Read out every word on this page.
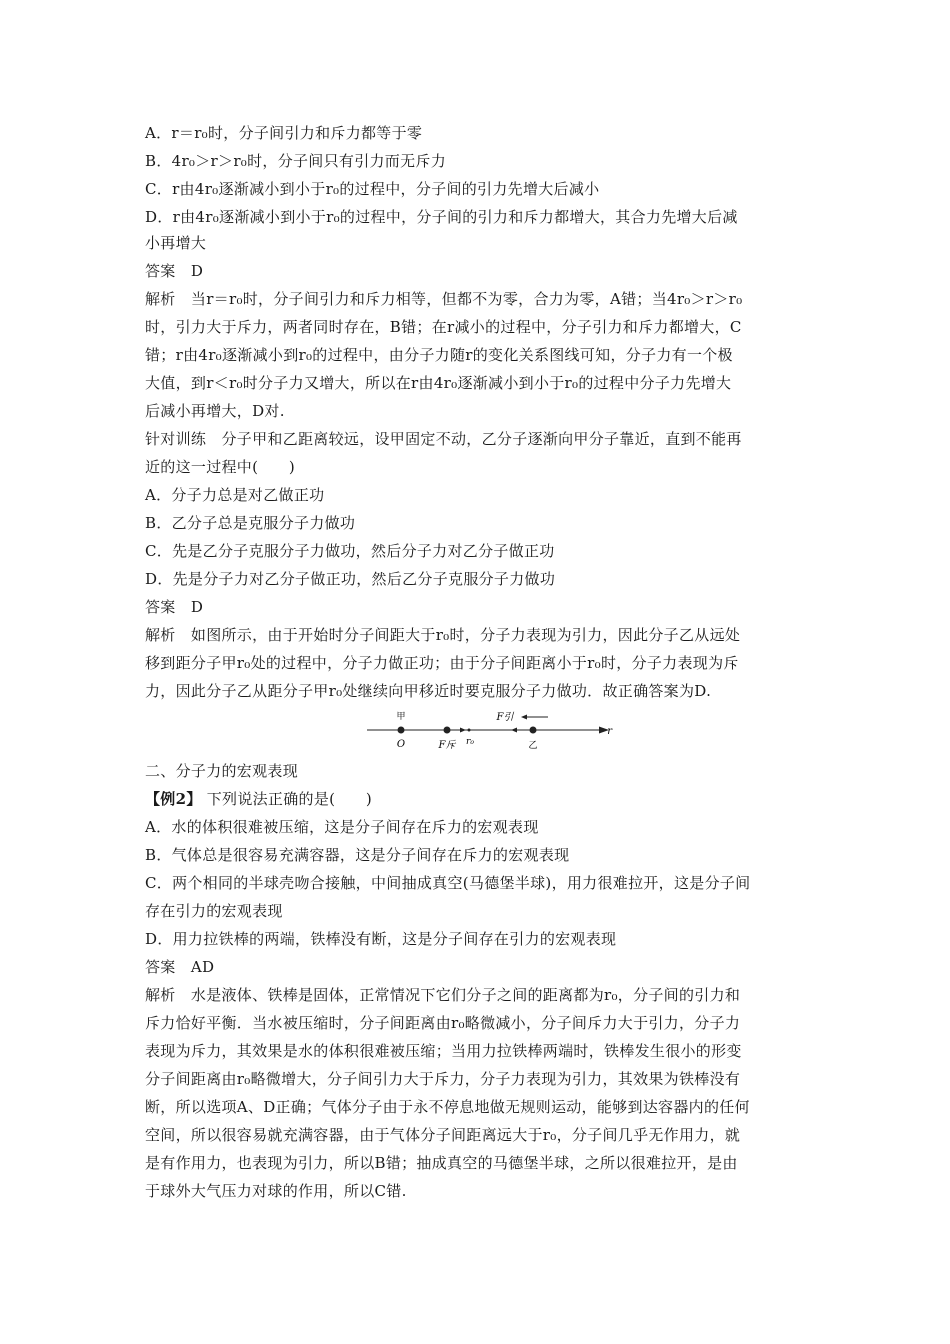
A．r＝r₀时，分子间引力和斥力都等于零
B．4r₀＞r＞r₀时，分子间只有引力而无斥力
C．r由4r₀逐渐减小到小于r₀的过程中，分子间的引力先增大后减小
D．r由4r₀逐渐减小到小于r₀的过程中，分子间的引力和斥力都增大，其合力先增大后减
小再增大
答案　D
解析　当r＝r₀时，分子间引力和斥力相等，但都不为零，合力为零，A错；当4r₀＞r＞r₀
时，引力大于斥力，两者同时存在，B错；在r减小的过程中，分子引力和斥力都增大，C
错；r由4r₀逐渐减小到r₀的过程中，由分子力随r的变化关系图线可知，分子力有一个极
大值，到r＜r₀时分子力又增大，所以在r由4r₀逐渐减小到小于r₀的过程中分子力先增大
后减小再增大，D对.
针对训练　分子甲和乙距离较远，设甲固定不动，乙分子逐渐向甲分子靠近，直到不能再
近的这一过程中(　　)
A．分子力总是对乙做正功
B．乙分子总是克服分子力做功
C．先是乙分子克服分子力做功，然后分子力对乙分子做正功
D．先是分子力对乙分子做正功，然后乙分子克服分子力做功
答案　D
解析　如图所示，由于开始时分子间距大于r₀时，分子力表现为引力，因此分子乙从远处
移到距分子甲r₀处的过程中，分子力做正功；由于分子间距离小于r₀时，分子力表现为斥
力，因此分子乙从距分子甲r₀处继续向甲移近时要克服分子力做功．故正确答案为D.
甲
O	F斥 r₀
F引
乙
r
二、分子力的宏观表现
【例2】 下列说法正确的是(　　)
A．水的体积很难被压缩，这是分子间存在斥力的宏观表现
B．气体总是很容易充满容器，这是分子间存在斥力的宏观表现
C．两个相同的半球壳吻合接触，中间抽成真空(马德堡半球)，用力很难拉开，这是分子间
存在引力的宏观表现
D．用力拉铁棒的两端，铁棒没有断，这是分子间存在引力的宏观表现
答案　AD
解析　水是液体、铁棒是固体，正常情况下它们分子之间的距离都为r₀，分子间的引力和
斥力恰好平衡．当水被压缩时，分子间距离由r₀略微减小，分子间斥力大于引力，分子力
表现为斥力，其效果是水的体积很难被压缩；当用力拉铁棒两端时，铁棒发生很小的形变
分子间距离由r₀略微增大，分子间引力大于斥力，分子力表现为引力，其效果为铁棒没有
断，所以选项A、D正确；气体分子由于永不停息地做无规则运动，能够到达容器内的任何
空间，所以很容易就充满容器，由于气体分子间距离远大于r₀，分子间几乎无作用力，就
是有作用力，也表现为引力，所以B错；抽成真空的马德堡半球，之所以很难拉开，是由
于球外大气压力对球的作用，所以C错.
